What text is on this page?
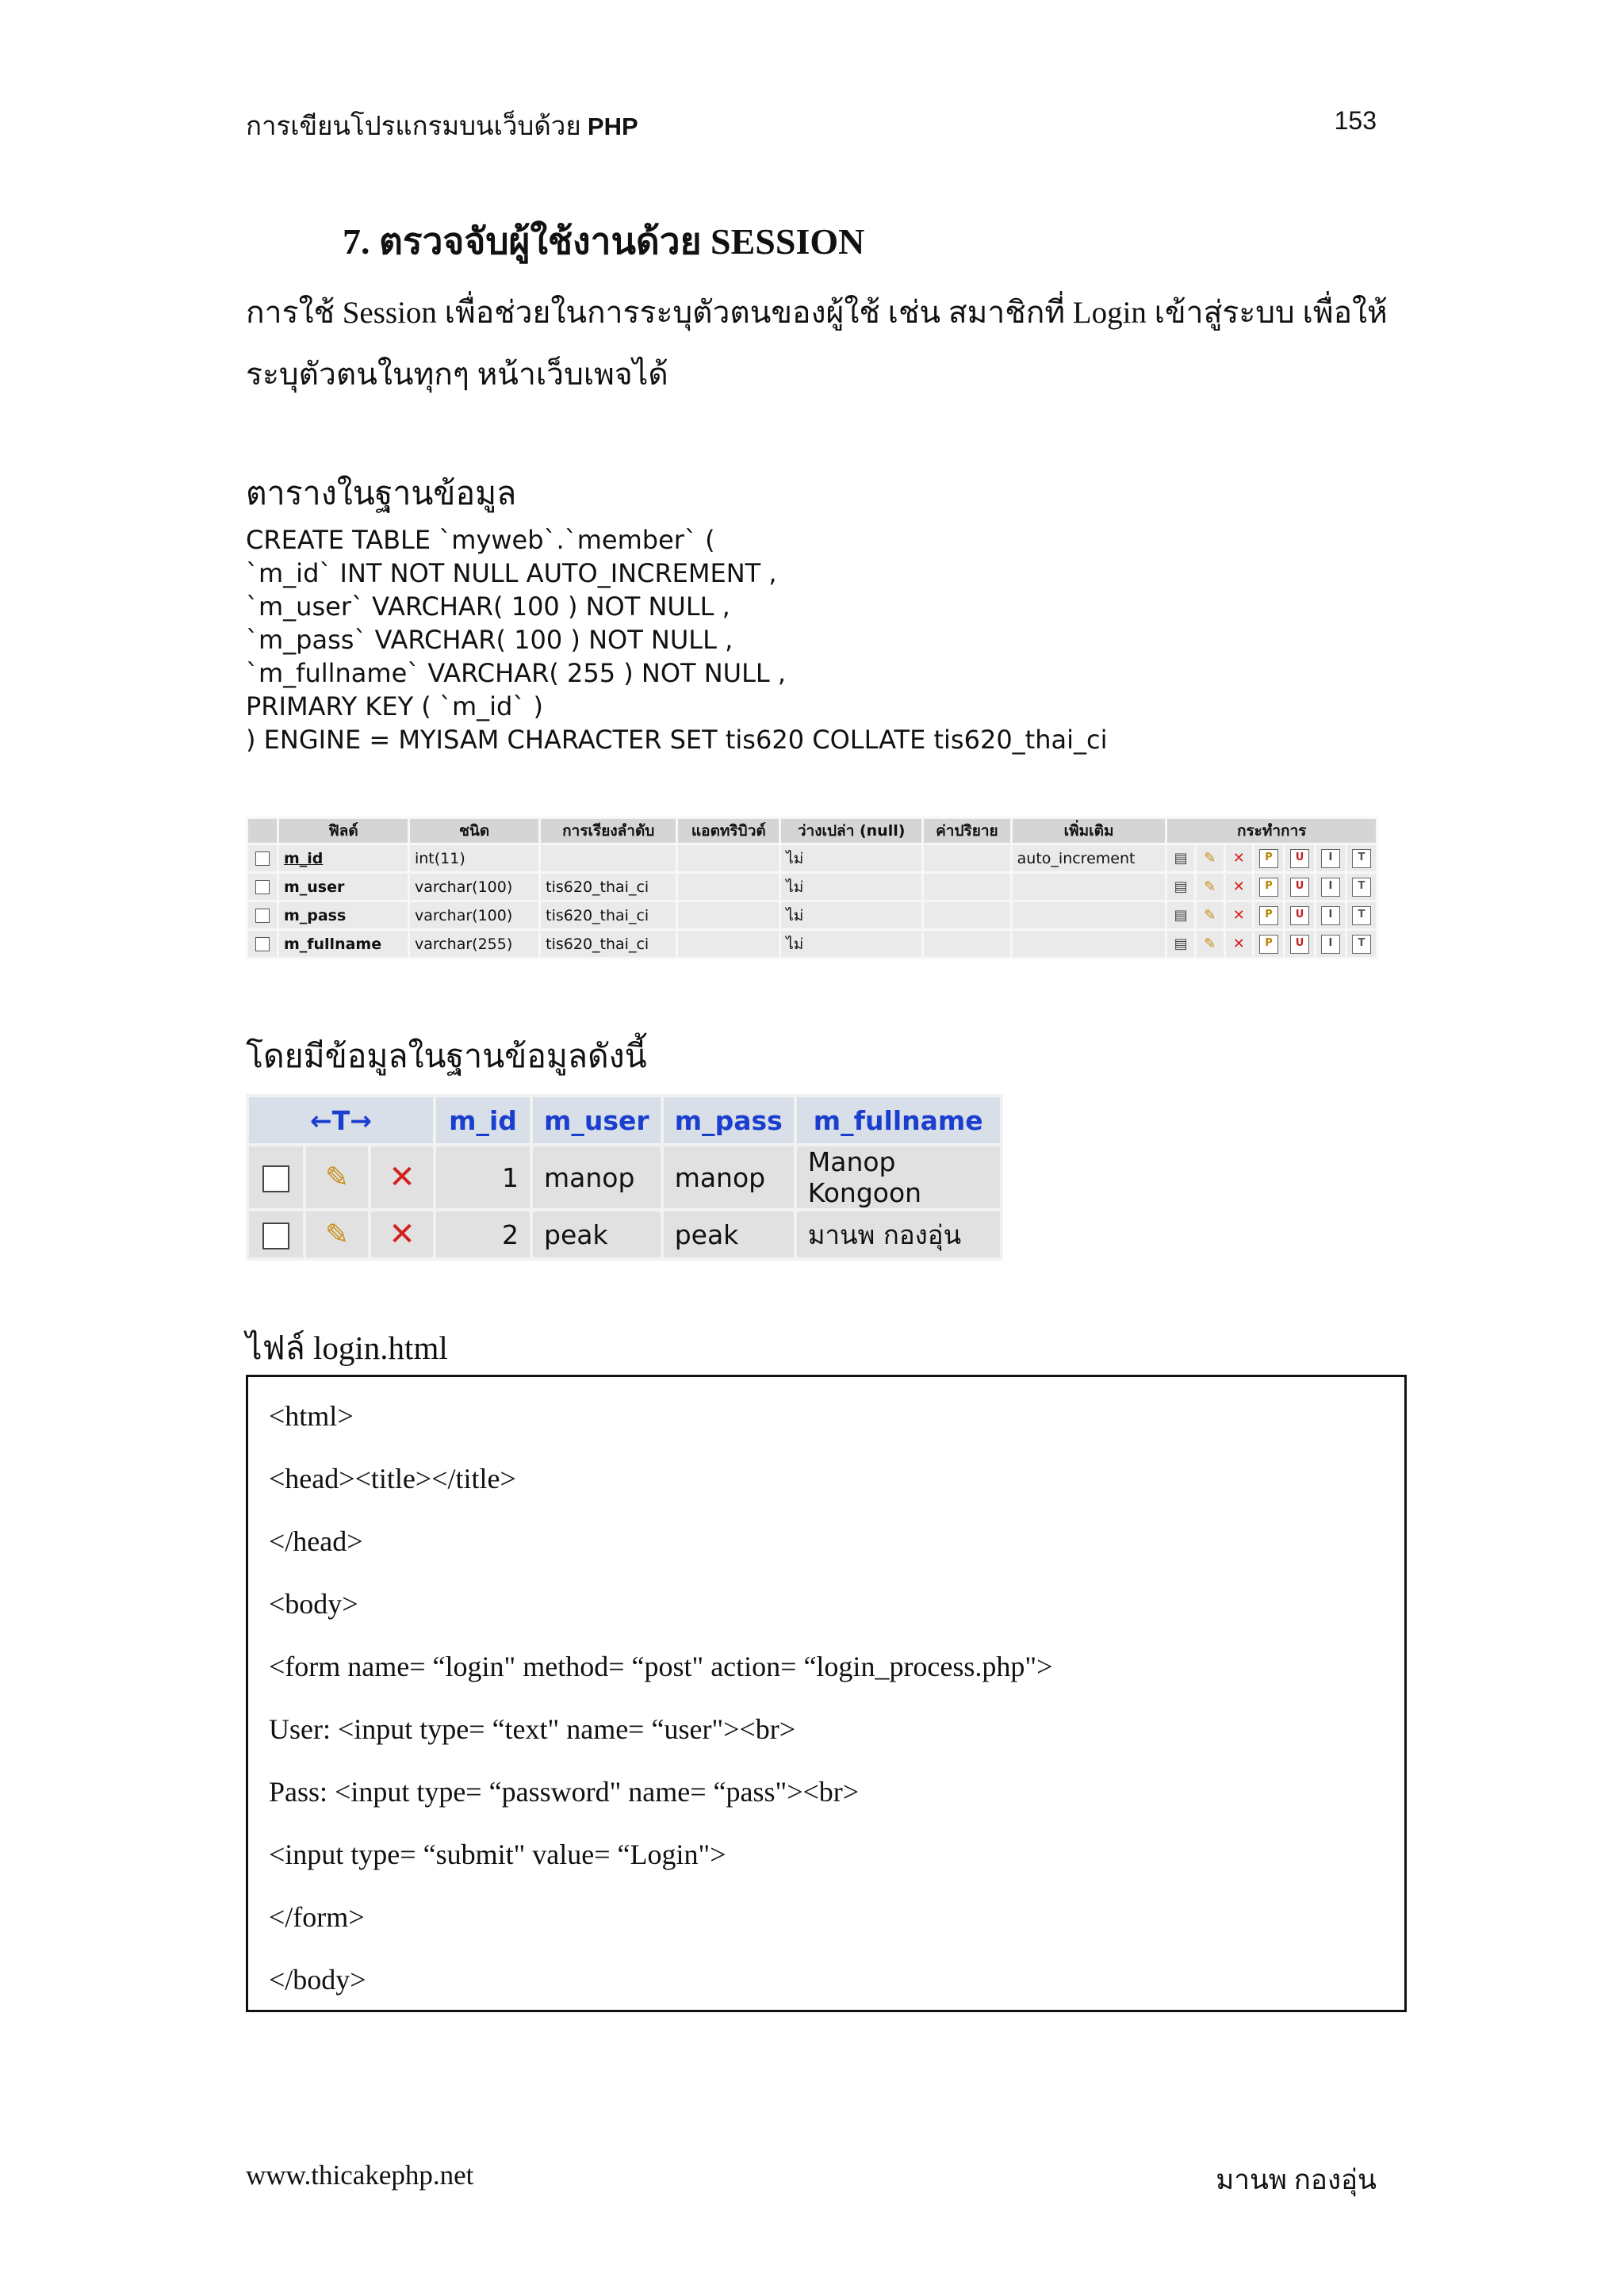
การเขียนโปรแกรมบนเว็บด้วย PHP	153
7. ตรวจจับผู้ใช้งานด้วย SESSION
การใช้ Session เพื่อช่วยในการระบุตัวตนของผู้ใช้ เช่น สมาชิกที่ Login เข้าสู่ระบบ เพื่อให้
ระบุตัวตนในทุกๆ หน้าเว็บเพจได้
ตารางในฐานข้อมูล
CREATE TABLE `myweb`.`member` (
`m_id` INT NOT NULL AUTO_INCREMENT ,
`m_user` VARCHAR( 100 ) NOT NULL ,
`m_pass` VARCHAR( 100 ) NOT NULL ,
`m_fullname` VARCHAR( 255 ) NOT NULL ,
PRIMARY KEY ( `m_id` )
) ENGINE = MYISAM CHARACTER SET tis620 COLLATE tis620_thai_ci
	ฟิลด์	ชนิด	การเรียงลำดับ	แอตทริบิวต์	ว่างเปล่า (null)	ค่าปริยาย	เพิ่มเติม	กระทำการ						
	m_id	int(11)			ไม่		auto_increment	▤	✎	✕	P	U	I	T
	m_user	varchar(100)	tis620_thai_ci		ไม่			▤	✎	✕	P	U	I	T
	m_pass	varchar(100)	tis620_thai_ci		ไม่			▤	✎	✕	P	U	I	T
	m_fullname	varchar(255)	tis620_thai_ci		ไม่			▤	✎	✕	P	U	I	T
โดยมีข้อมูลในฐานข้อมูลดังนี้
←T→			m_id	m_user	m_pass	m_fullname
	✎	✕	1	manop	manop	Manop Kongoon
	✎	✕	2	peak	peak	มานพ กองอุ่น
ไฟล์ login.html
<html>
<head><title></title>
</head>
<body>
<form name= “login" method= “post" action= “login_process.php">
User: <input type= “text" name= “user"><br>
Pass: <input type= “password" name= “pass"><br>
<input type= “submit" value= “Login">
</form>
</body>
www.thicakephp.net	มานพ กองอุ่น
